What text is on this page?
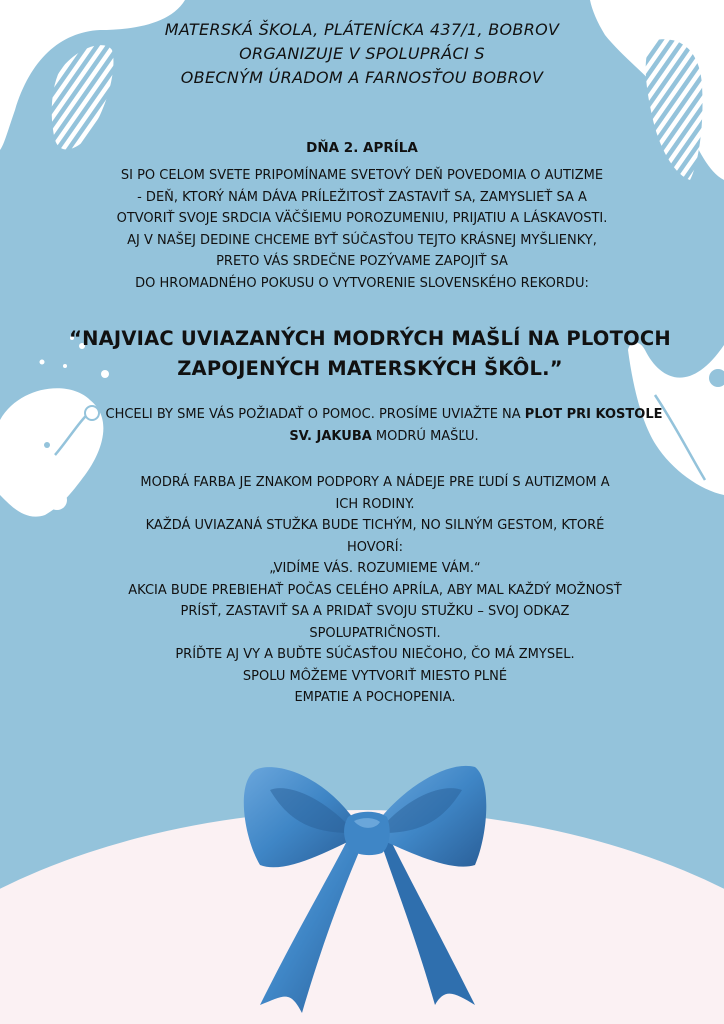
MATERSKÁ ŠKOLA, PLÁTENÍCKA 437/1, BOBROV
ORGANIZUJE V SPOLUPRÁCI S
OBECNÝM ÚRADOM A FARNOSŤOU BOBROV
DŇA 2. APRÍLA
SI PO CELOM SVETE PRIPOMÍNAME SVETOVÝ DEŇ POVEDOMIA O AUTIZME
- DEŇ, KTORÝ NÁM DÁVA PRÍLEŽITOSŤ ZASTAVIŤ SA, ZAMYSLIEŤ SA A
OTVORIŤ SVOJE SRDCIA VÄČŠIEMU POROZUMENIU, PRIJATIU A LÁSKAVOSTI.
AJ V NAŠEJ DEDINE CHCEME BYŤ SÚČASŤOU TEJTO KRÁSNEJ MYŠLIENKY,
PRETO VÁS SRDEČNE POZÝVAME ZAPOJIŤ SA
DO HROMADNÉHO POKUSU O VYTVORENIE SLOVENSKÉHO REKORDU:
“NAJVIAC UVIAZANÝCH MODRÝCH MAŠLÍ NA PLOTOCH
ZAPOJENÝCH MATERSKÝCH ŠKÔL.”
CHCELI BY SME VÁS POŽIADAŤ O POMOC. PROSÍME UVIAŽTE NA PLOT PRI KOSTOLE SV. JAKUBA MODRÚ MAŠĽU.
MODRÁ FARBA JE ZNAKOM PODPORY A NÁDEJE PRE ĽUDÍ S AUTIZMOM A
ICH RODINY.
KAŽDÁ UVIAZANÁ STUŽKA BUDE TICHÝM, NO SILNÝM GESTOM, KTORÉ
HOVORÍ:
„VIDÍME VÁS. ROZUMIEME VÁM.“
AKCIA BUDE PREBIEHAŤ POČAS CELÉHO APRÍLA, ABY MAL KAŽDÝ MOŽNOSŤ
PRÍSŤ, ZASTAVIŤ SA A PRIDAŤ SVOJU STUŽKU – SVOJ ODKAZ
SPOLUPATRIČNOSTI.
PRÍĎTE AJ VY A BUĎTE SÚČASŤOU NIEČOHO, ČO MÁ ZMYSEL.
SPOLU MÔŽEME VYTVORIŤ MIESTO PLNÉ
EMPATIE A POCHOPENIA.
